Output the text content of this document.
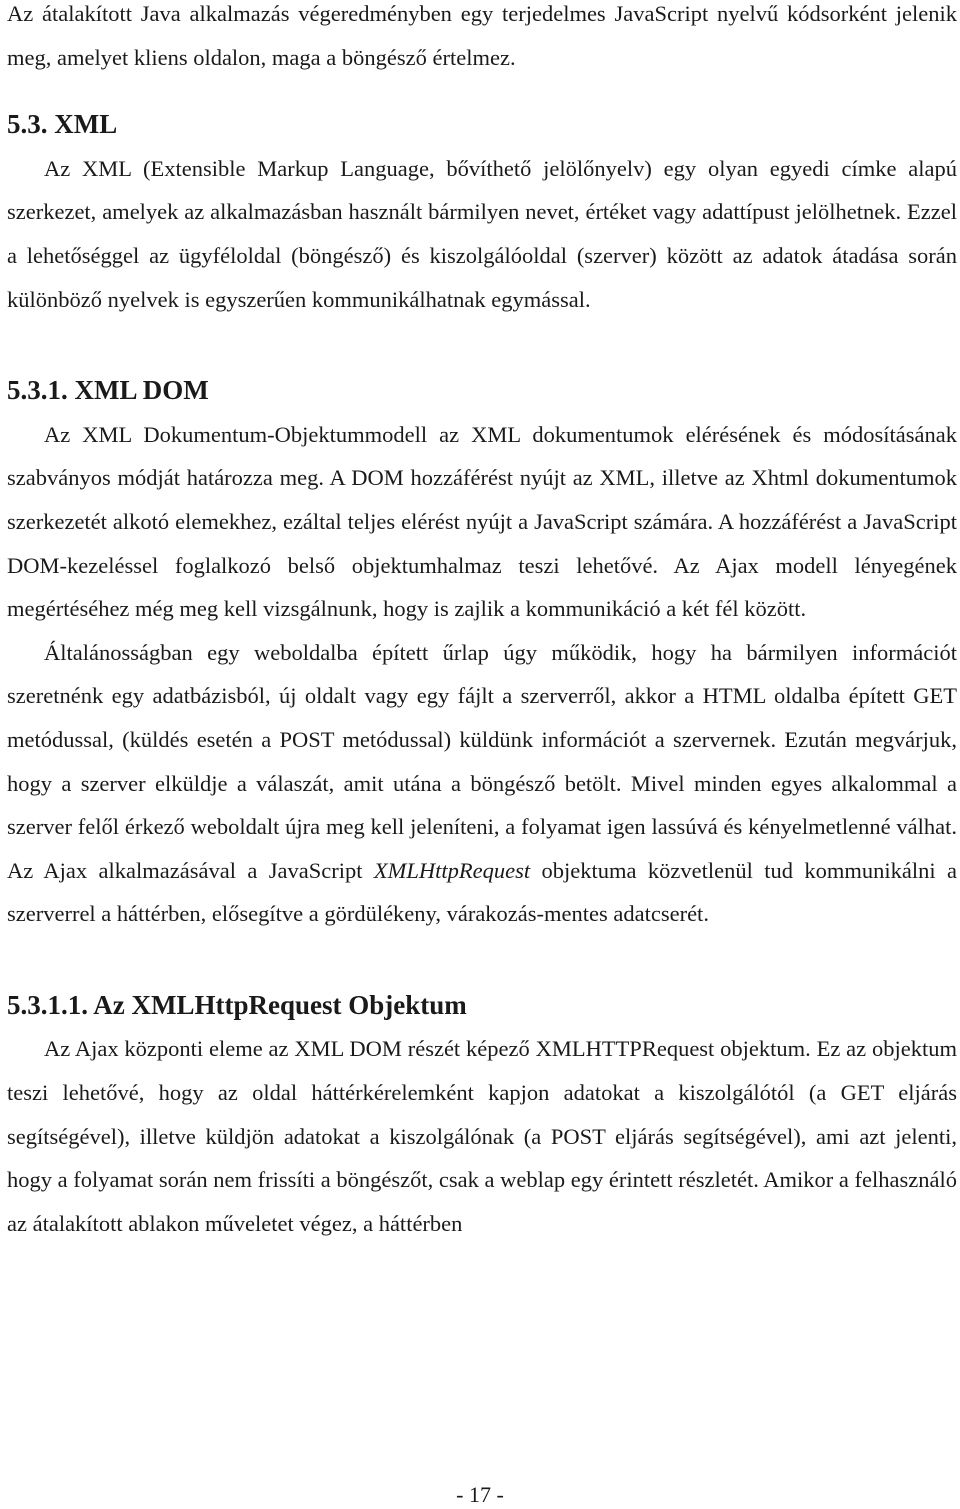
Az átalakított Java alkalmazás végeredményben egy terjedelmes JavaScript nyelvű kódsorként jelenik meg, amelyet kliens oldalon, maga a böngésző értelmez.

5.3. XML

Az XML (Extensible Markup Language, bővíthető jelölőnyelv) egy olyan egyedi címke alapú szerkezet, amelyek az alkalmazásban használt bármilyen nevet, értéket vagy adattípust jelölhetnek. Ezzel a lehetőséggel az ügyféloldal (böngésző) és kiszolgálóoldal (szerver) között az adatok átadása során különböző nyelvek is egyszerűen kommunikálhatnak egymással.

5.3.1. XML DOM

Az XML Dokumentum-Objektummodell az XML dokumentumok elérésének és módosításának szabványos módját határozza meg. A DOM hozzáférést nyújt az XML, illetve az Xhtml dokumentumok szerkezetét alkotó elemekhez, ezáltal teljes elérést nyújt a JavaScript számára. A hozzáférést a JavaScript DOM-kezeléssel foglalkozó belső objektumhalmaz teszi lehetővé. Az Ajax modell lényegének megértéséhez még meg kell vizsgálnunk, hogy is zajlik a kommunikáció a két fél között.

Általánosságban egy weboldalba épített űrlap úgy működik, hogy ha bármilyen információt szeretnénk egy adatbázisból, új oldalt vagy egy fájlt a szerverről, akkor a HTML oldalba épített GET metódussal, (küldés esetén a POST metódussal) küldünk információt a szervernek. Ezután megvárjuk, hogy a szerver elküldje a válaszát, amit utána a böngésző betölt. Mivel minden egyes alkalommal a szerver felől érkező weboldalt újra meg kell jeleníteni, a folyamat igen lassúvá és kényelmetlenné válhat. Az Ajax alkalmazásával a JavaScript XMLHttpRequest objektuma közvetlenül tud kommunikálni a szerverrel a háttérben, elősegítve a gördülékeny, várakozás-mentes adatcserét.

5.3.1.1. Az XMLHttpRequest Objektum

Az Ajax központi eleme az XML DOM részét képező XMLHTTPRequest objektum. Ez az objektum teszi lehetővé, hogy az oldal háttérkérelemként kapjon adatokat a kiszolgálótól (a GET eljárás segítségével), illetve küldjön adatokat a kiszolgálónak (a POST eljárás segítségével), ami azt jelenti, hogy a folyamat során nem frissíti a böngészőt, csak a weblap egy érintett részletét. Amikor a felhasználó az átalakított ablakon műveletet végez, a háttérben

- 17 -
